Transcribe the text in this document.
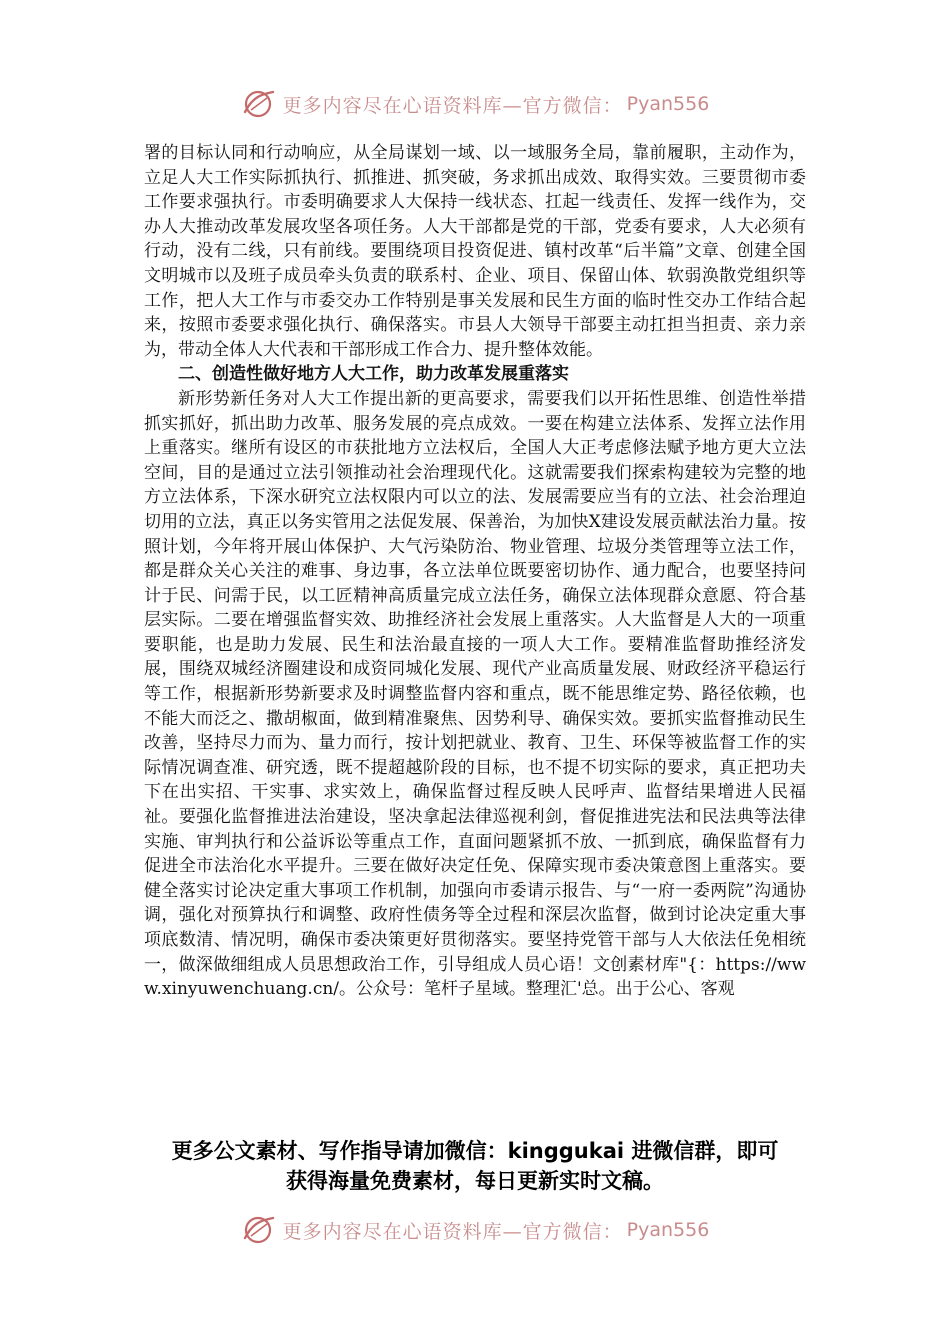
更多内容尽在心语资料库—官方微信： Pyan556

署的目标认同和行动响应，从全局谋划一域、以一域服务全局，靠前履职，主动作为，立足人大工作实际抓执行、抓推进、抓突破，务求抓出成效、取得实效。三要贯彻市委工作要求强执行。市委明确要求人大保持一线状态、扛起一线责任、发挥一线作为，交办人大推动改革发展攻坚各项任务。人大干部都是党的干部，党委有要求，人大必须有行动，没有二线，只有前线。要围绕项目投资促进、镇村改革“后半篇”文章、创建全国文明城市以及班子成员牵头负责的联系村、企业、项目、保留山体、软弱涣散党组织等工作，把人大工作与市委交办工作特别是事关发展和民生方面的临时性交办工作结合起来，按照市委要求强化执行、确保落实。市县人大领导干部要主动扛担当担责、亲力亲为，带动全体人大代表和干部形成工作合力、提升整体效能。

二、创造性做好地方人大工作，助力改革发展重落实

新形势新任务对人大工作提出新的更高要求，需要我们以开拓性思维、创造性举措抓实抓好，抓出助力改革、服务发展的亮点成效。一要在构建立法体系、发挥立法作用上重落实。继所有设区的市获批地方立法权后，全国人大正考虑修法赋予地方更大立法空间，目的是通过立法引领推动社会治理现代化。这就需要我们探索构建较为完整的地方立法体系，下深水研究立法权限内可以立的法、发展需要应当有的立法、社会治理迫切用的立法，真正以务实管用之法促发展、保善治，为加快X建设发展贡献法治力量。按照计划，今年将开展山体保护、大气污染防治、物业管理、垃圾分类管理等立法工作，都是群众关心关注的难事、身边事，各立法单位既要密切协作、通力配合，也要坚持问计于民、问需于民，以工匠精神高质量完成立法任务，确保立法体现群众意愿、符合基层实际。二要在增强监督实效、助推经济社会发展上重落实。人大监督是人大的一项重要职能，也是助力发展、民生和法治最直接的一项人大工作。要精准监督助推经济发展，围绕双城经济圈建设和成资同城化发展、现代产业高质量发展、财政经济平稳运行等工作，根据新形势新要求及时调整监督内容和重点，既不能思维定势、路径依赖，也不能大而泛之、撒胡椒面，做到精准聚焦、因势利导、确保实效。要抓实监督推动民生改善，坚持尽力而为、量力而行，按计划把就业、教育、卫生、环保等被监督工作的实际情况调查准、研究透，既不提超越阶段的目标，也不提不切实际的要求，真正把功夫下在出实招、干实事、求实效上，确保监督过程反映人民呼声、监督结果增进人民福祉。要强化监督推进法治建设，坚决拿起法律巡视利剑，督促推进宪法和民法典等法律实施、审判执行和公益诉讼等重点工作，直面问题紧抓不放、一抓到底，确保监督有力促进全市法治化水平提升。三要在做好决定任免、保障实现市委决策意图上重落实。要健全落实讨论决定重大事项工作机制，加强向市委请示报告、与“一府一委两院”沟通协调，强化对预算执行和调整、政府性债务等全过程和深层次监督，做到讨论决定重大事项底数清、情况明，确保市委决策更好贯彻落实。要坚持党管干部与人大依法任免相统一，做深做细组成人员思想政治工作，引导组成人员心语！文创素材库"{：https://www.xinyuwenchuang.cn/。公众号：笔杆子星域。整理汇'总。出于公心、客观

更多公文素材、写作指导请加微信：kinggukai 进微信群，即可
获得海量免费素材，每日更新实时文稿。
更多内容尽在心语资料库—官方微信： Pyan556
